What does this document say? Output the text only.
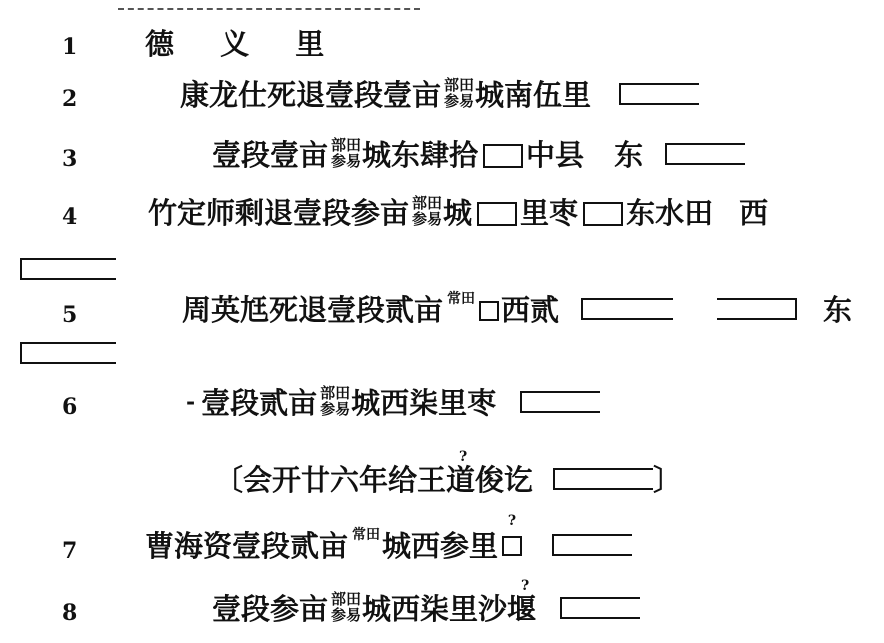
1 德 义 里
2	康龙仕死退壹段壹亩 部田
参易 城南伍里
3	壹段壹亩 部田
参易 城东肆拾 中县 东
4 竹定师剩退壹段参亩 部田
参易 城 里枣 东水田 西
5	周英尪死退壹段贰亩 常田 西贰	东
6	- 壹段贰亩 部田
参易 城西柒里枣
〔会开廿六年给王道俊讫	〕
?
7 曹海资壹段贰亩 常田 城西参里
?
8	壹段参亩 部田
参易 城西柒里沙堰
?
